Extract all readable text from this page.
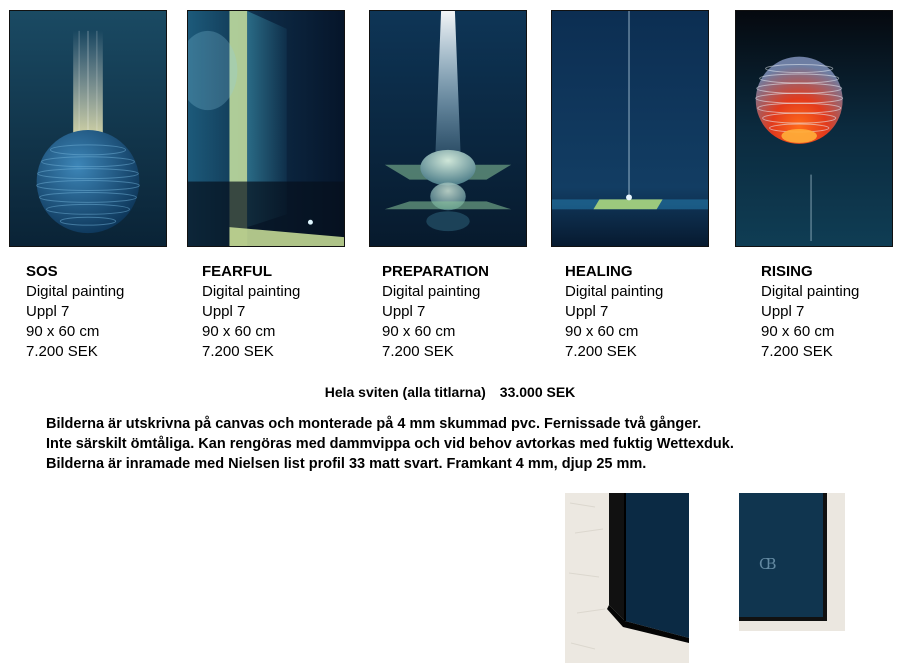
SOS
Digital painting
Uppl 7
90 x 60 cm
7.200 SEK
FEARFUL
Digital painting
Uppl 7
90 x 60 cm
7.200 SEK
PREPARATION
Digital painting
Uppl 7
90 x 60 cm
7.200 SEK
HEALING
Digital painting
Uppl 7
90 x 60 cm
7.200 SEK
RISING
Digital painting
Uppl 7
90 x 60 cm
7.200 SEK
Hela sviten (alla titlarna) 33.000 SEK
Bilderna är utskrivna på canvas och monterade på 4 mm skummad pvc. Fernissade två gånger.
Inte särskilt ömtåliga. Kan rengöras med dammvippa och vid behov avtorkas med fuktig Wettexduk.
Bilderna är inramade med Nielsen list profil 33 matt svart. Framkant 4 mm, djup 25 mm.
CB
